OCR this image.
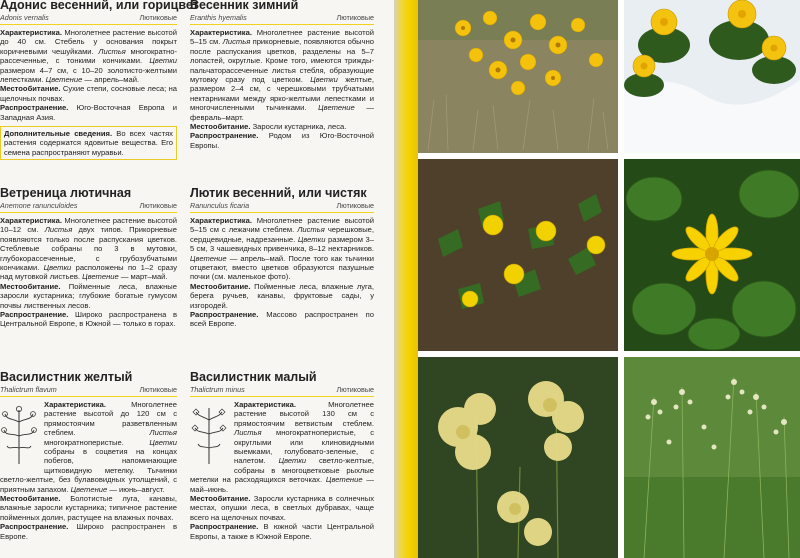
Адонис весенний, или горицвет
Adonis vernalis	Лютиковые

Характеристика. Многолетнее растение высотой до 40 см. Стебель у основания покрыт коричневыми чешуйками. Листья многократно-рассеченные, с тонкими кончиками. Цветки размером 4–7 см, с 10–20 золотисто-желтыми лепестками. Цветение — апрель–май.

Местообитание. Сухие степи, сосновые леса; на щелочных почвах.

Распространение. Юго-Восточная Европа и Западная Азия.

Дополнительные сведения. Во всех частях растения содержатся ядовитые вещества. Его семена распространяют муравьи.
Ветреница лютичная
Anemone ranunculoides	Лютиковые

Характеристика. Многолетнее растение высотой 10–12 см. Листья двух типов. Прикорневые появляются только после распускания цветков. Стеблевые собраны по 3 в мутовки, глубокорассеченные, с грубозубчатыми кончиками. Цветки расположены по 1–2 сразу над мутовкой листьев. Цветение — март–май.

Местообитание. Пойменные леса, влажные заросли кустарника; глубокие богатые гумусом почвы лиственных лесов.

Распространение. Широко распространена в Центральной Европе, в Южной — только в горах.

Василистник желтый
Thalictrum flavum	Лютиковые

Характеристика. Многолетнее растение высотой до 120 см с прямостоячим разветвленным стеблем. Листья многократноперистые. Цветки собраны в соцветия на концах побегов, напоминающие щитковидную метелку. Тычинки светло-желтые, без булавовидных утолщений, с приятным запахом. Цветение — июнь–август.

Местообитание. Болотистые луга, канавы, влажные заросли кустарника; типичное растение пойменных долин, растущее на влажных почвах.

Распространение. Широко распространен в Европе.

Весенник зимний
Eranthis hyemalis	Лютиковые

Характеристика. Многолетнее растение высотой 5–15 см. Листья прикорневые, появляются обычно после распускания цветков, разделены на 5–7 лопастей, округлые. Кроме того, имеются трижды-пальчаторассеченные листья стебля, образующие мутовку сразу под цветком. Цветки желтые, размером 2–4 см, с черешковыми трубчатыми нектарниками между ярко-желтыми лепестками и многочисленными тычинками. Цветение — февраль–март.

Местообитание. Заросли кустарника, леса.

Распространение. Родом из Юго-Восточной Европы.

Лютик весенний, или чистяк
Ranunculus ficaria	Лютиковые

Характеристика. Многолетнее растение высотой 5–15 см с лежачим стеблем. Листья черешковые, сердцевидные, надрезанные. Цветки размером 3–5 см, 3 чашевидных привенчика, 8–12 нектарников. Цветение — апрель–май. После того как тычинки отцветают, вместо цветков образуются пазушные почки (см. маленькое фото).

Местообитание. Пойменные леса, влажные луга, берега ручьев, канавы, фруктовые сады, у изгородей.

Распространение. Массово распространен по всей Европе.

Василистник малый
Thalictrum minus	Лютиковые

Характеристика. Многолетнее растение высотой 130 см с прямостоячим ветвистым стеблем. Листья многократноперистые, с округлыми или клиновидными выемками, голубовато-зеленые, с налетом. Цветки светло-желтые, собраны в многоцветковые рыхлые метелки на расходящихся веточках. Цветение — май–июнь.

Местообитание. Заросли кустарника в солнечных местах, опушки леса, в светлых дубравах, чаще всего на щелочных почвах.

Распространение. В южной части Центральной Европы, а также в Южной Европе.
